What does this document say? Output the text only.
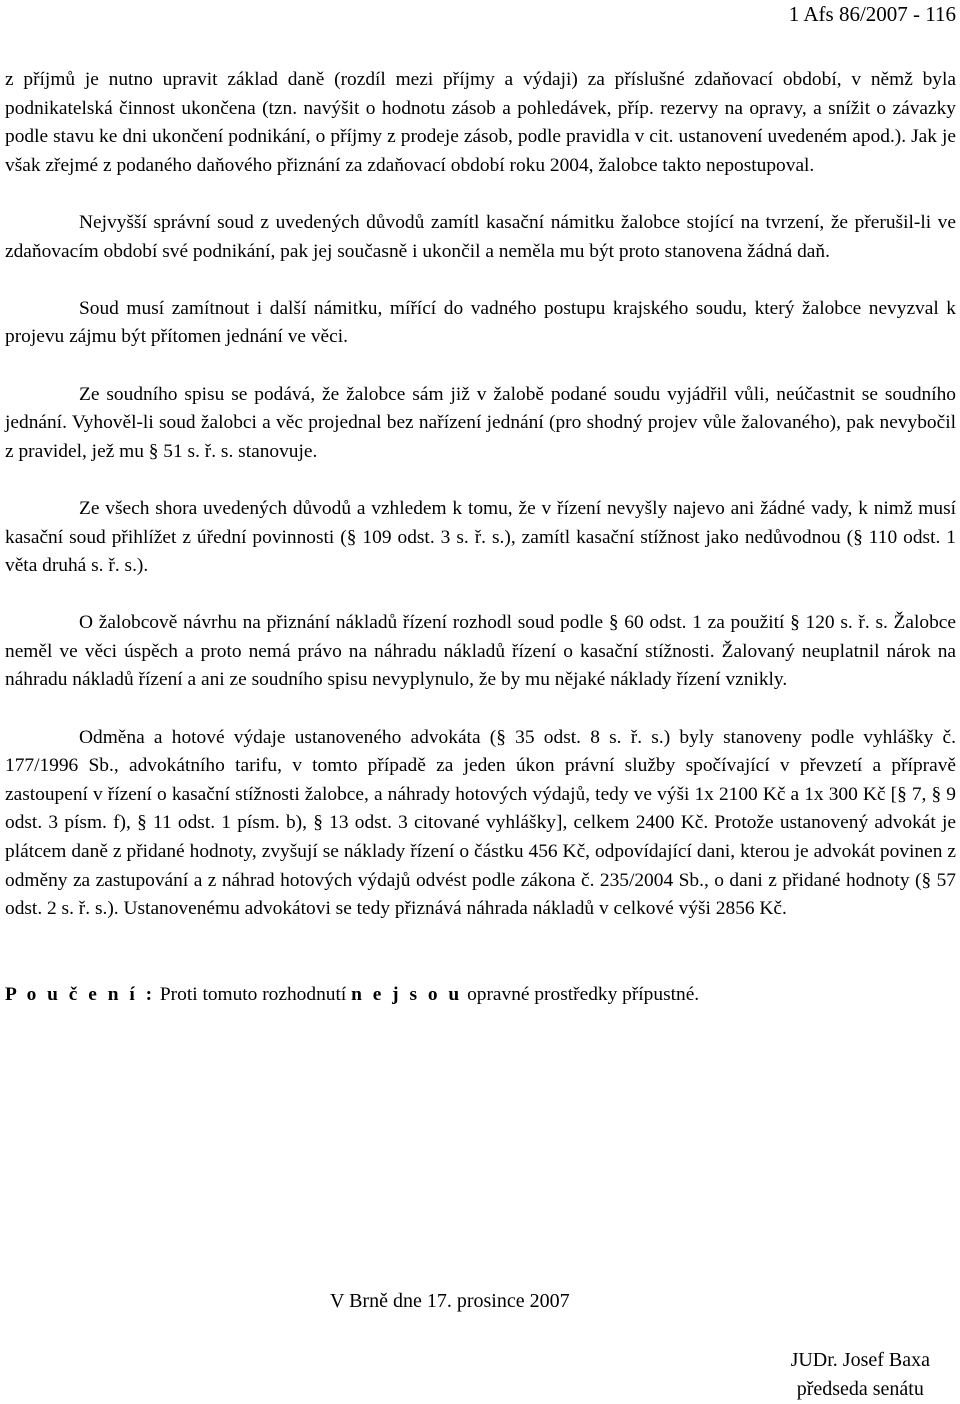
1 Afs 86/2007 - 116

z příjmů je nutno upravit základ daně (rozdíl mezi příjmy a výdaji) za příslušné zdaňovací období, v němž byla podnikatelská činnost ukončena (tzn. navýšit o hodnotu zásob a pohledávek, příp. rezervy na opravy, a snížit o závazky podle stavu ke dni ukončení podnikání, o příjmy z prodeje zásob, podle pravidla v cit. ustanovení uvedeném apod.). Jak je však zřejmé z podaného daňového přiznání za zdaňovací období roku 2004, žalobce takto nepostupoval.

Nejvyšší správní soud z uvedených důvodů zamítl kasační námitku žalobce stojící na tvrzení, že přerušil-li ve zdaňovacím období své podnikání, pak jej současně i ukončil a neměla mu být proto stanovena žádná daň.

Soud musí zamítnout i další námitku, mířící do vadného postupu krajského soudu, který žalobce nevyzval k projevu zájmu být přítomen jednání ve věci.

Ze soudního spisu se podává, že žalobce sám již v žalobě podané soudu vyjádřil vůli, neúčastnit se soudního jednání. Vyhověl-li soud žalobci a věc projednal bez nařízení jednání (pro shodný projev vůle žalovaného), pak nevybočil z pravidel, jež mu § 51 s. ř. s. stanovuje.

Ze všech shora uvedených důvodů a vzhledem k tomu, že v řízení nevyšly najevo ani žádné vady, k nimž musí kasační soud přihlížet z úřední povinnosti (§ 109 odst. 3 s. ř. s.), zamítl kasační stížnost jako nedůvodnou (§ 110 odst. 1 věta druhá s. ř. s.).

O žalobcově návrhu na přiznání nákladů řízení rozhodl soud podle § 60 odst. 1 za použití § 120 s. ř. s. Žalobce neměl ve věci úspěch a proto nemá právo na náhradu nákladů řízení o kasační stížnosti. Žalovaný neuplatnil nárok na náhradu nákladů řízení a ani ze soudního spisu nevyplynulo, že by mu nějaké náklady řízení vznikly.

Odměna a hotové výdaje ustanoveného advokáta (§ 35 odst. 8 s. ř. s.) byly stanoveny podle vyhlášky č. 177/1996 Sb., advokátního tarifu, v tomto případě za jeden úkon právní služby spočívající v převzetí a přípravě zastoupení v řízení o kasační stížnosti žalobce, a náhrady hotových výdajů, tedy ve výši 1x 2100 Kč a 1x 300 Kč [§ 7, § 9 odst. 3 písm. f), § 11 odst. 1 písm. b), § 13 odst. 3 citované vyhlášky], celkem 2400 Kč. Protože ustanovený advokát je plátcem daně z přidané hodnoty, zvyšují se náklady řízení o částku 456 Kč, odpovídající dani, kterou je advokát povinen z odměny za zastupování a z náhrad hotových výdajů odvést podle zákona č. 235/2004 Sb., o dani z přidané hodnoty (§ 57 odst. 2 s. ř. s.). Ustanovenému advokátovi se tedy přiznává náhrada nákladů v celkové výši 2856 Kč.

P o u č e n í : Proti tomuto rozhodnutí n e j s o u opravné prostředky přípustné.

V Brně dne 17. prosince 2007
JUDr. Josef Baxa
předseda senátu
